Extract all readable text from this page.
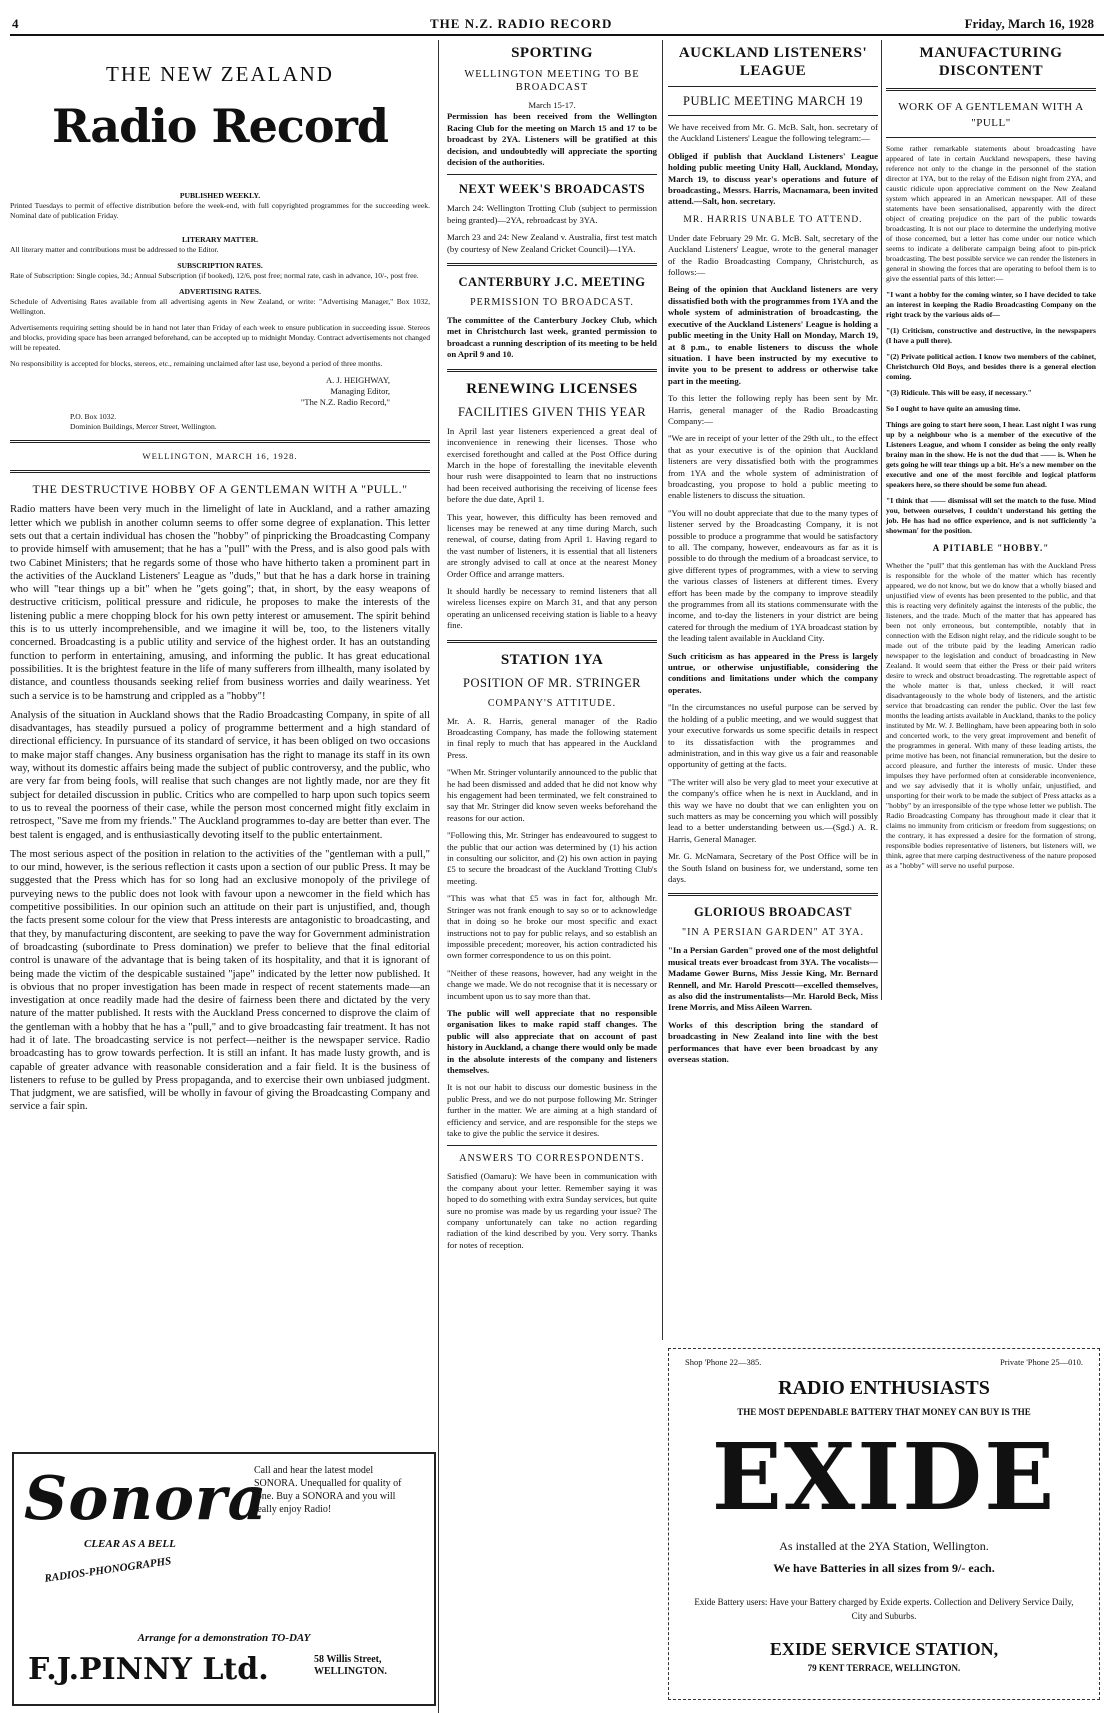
4	THE N.Z. RADIO RECORD	Friday, March 16, 1928
THE NEW ZEALAND
Radio Record
PUBLISHED WEEKLY.

Printed Tuesdays to permit of effective distribution before the week-end, with full copyrighted programmes for the succeeding week. Nominal date of publication Friday.

LITERARY MATTER.

All literary matter and contributions must be addressed to the Editor.

SUBSCRIPTION RATES.

Rate of Subscription: Single copies, 3d.; Annual Subscription (if booked), 12/6, post free; normal rate, cash in advance, 10/-, post free.

ADVERTISING RATES.

Schedule of Advertising Rates available from all advertising agents in New Zealand, or write: "Advertising Manager," Box 1032, Wellington.

Advertisements requiring setting should be in hand not later than Friday of each week to ensure publication in succeeding issue. Stereos and blocks, providing space has been arranged beforehand, can be accepted up to midnight Monday. Contract advertisements not changed will be repeated.

No responsibility is accepted for blocks, stereos, etc., remaining unclaimed after last use, beyond a period of three months.

A. J. HEIGHWAY,
Managing Editor,
"The N.Z. Radio Record,"
P.O. Box 1032.
Dominion Buildings, Mercer Street, Wellington.
WELLINGTON, MARCH 16, 1928.
THE DESTRUCTIVE HOBBY OF A GENTLEMAN WITH A "PULL."

Radio matters have been very much in the limelight of late in Auckland, and a rather amazing letter which we publish in another column seems to offer some degree of explanation. This letter sets out that a certain individual has chosen the "hobby" of pinpricking the Broadcasting Company to provide himself with amusement; that he has a "pull" with the Press, and is also good pals with two Cabinet Ministers; that he regards some of those who have hitherto taken a prominent part in the activities of the Auckland Listeners' League as "duds," but that he has a dark horse in training who will "tear things up a bit" when he "gets going"; that, in short, by the easy weapons of destructive criticism, political pressure and ridicule, he proposes to make the interests of the listening public a mere chopping block for his own petty interest or amusement. The spirit behind this is to us utterly incomprehensible, and we imagine it will be, too, to the listeners vitally concerned. Broadcasting is a public utility and service of the highest order. It has an outstanding function to perform in entertaining, amusing, and informing the public. It has great educational possibilities. It is the brightest feature in the life of many sufferers from illhealth, many isolated by distance, and countless thousands seeking relief from business worries and daily weariness. Yet such a service is to be hamstrung and crippled as a "hobby"!

Analysis of the situation in Auckland shows that the Radio Broadcasting Company, in spite of all disadvantages, has steadily pursued a policy of programme betterment and a high standard of directional efficiency. In pursuance of its standard of service, it has been obliged on two occasions to make major staff changes. Any business organisation has the right to manage its staff in its own way, without its domestic affairs being made the subject of public controversy, and the public, who are very far from being fools, will realise that such changes are not lightly made, nor are they fit subject for detailed discussion in public. Critics who are compelled to harp upon such topics seem to us to reveal the poorness of their case, while the person most concerned might fitly exclaim in retrospect, "Save me from my friends." The Auckland programmes to-day are better than ever. The best talent is engaged, and is enthusiastically devoting itself to the public entertainment.

The most serious aspect of the position in relation to the activities of the "gentleman with a pull," to our mind, however, is the serious reflection it casts upon a section of our public Press. It may be suggested that the Press which has for so long had an exclusive monopoly of the privilege of purveying news to the public does not look with favour upon a newcomer in the field which has competitive possibilities. In our opinion such an attitude on their part is unjustified, and, though the facts present some colour for the view that Press interests are antagonistic to broadcasting, and that they, by manufacturing discontent, are seeking to pave the way for Government administration of broadcasting (subordinate to Press domination) we prefer to believe that the final editorial control is unaware of the advantage that is being taken of its hospitality, and that it is ignorant of being made the victim of the despicable sustained "jape" indicated by the letter now published. It is obvious that no proper investigation has been made in respect of recent statements made—an investigation at once readily made had the desire of fairness been there and dictated by the very nature of the matter published. It rests with the Auckland Press concerned to disprove the claim of the gentleman with a hobby that he has a "pull," and to give broadcasting fair treatment. It has not had it of late. The broadcasting service is not perfect—neither is the newspaper service. Radio broadcasting has to grow towards perfection. It is still an infant. It has made lusty growth, and is capable of greater advance with reasonable consideration and a fair field. It is the business of listeners to refuse to be gulled by Press propaganda, and to exercise their own unbiased judgment. That judgment, we are satisfied, will be wholly in favour of giving the Broadcasting Company and service a fair spin.

SPORTING
WELLINGTON MEETING TO BE BROADCAST
March 15-17.

Permission has been received from the Wellington Racing Club for the meeting on March 15 and 17 to be broadcast by 2YA. Listeners will be gratified at this decision, and undoubtedly will appreciate the sporting decision of the authorities.

NEXT WEEK'S BROADCASTS

March 24: Wellington Trotting Club (subject to permission being granted)—2YA, rebroadcast by 3YA.

March 23 and 24: New Zealand v. Australia, first test match (by courtesy of New Zealand Cricket Council)—1YA.

CANTERBURY J.C. MEETING
PERMISSION TO BROADCAST.

The committee of the Canterbury Jockey Club, which met in Christchurch last week, granted permission to broadcast a running description of its meeting to be held on April 9 and 10.

RENEWING LICENSES
FACILITIES GIVEN THIS YEAR

In April last year listeners experienced a great deal of inconvenience in renewing their licenses. Those who exercised forethought and called at the Post Office during March in the hope of forestalling the inevitable eleventh hour rush were disappointed to learn that no instructions had been received authorising the receiving of license fees before the due date, April 1.

This year, however, this difficulty has been removed and licenses may be renewed at any time during March, such renewal, of course, dating from April 1. Having regard to the vast number of listeners, it is essential that all listeners are strongly advised to call at once at the nearest Money Order Office and arrange matters.

It should hardly be necessary to remind listeners that all wireless licenses expire on March 31, and that any person operating an unlicensed receiving station is liable to a heavy fine.

STATION 1YA
POSITION OF MR. STRINGER
COMPANY'S ATTITUDE.

Mr. A. R. Harris, general manager of the Radio Broadcasting Company, has made the following statement in final reply to much that has appeared in the Auckland Press.

"When Mr. Stringer voluntarily announced to the public that he had been dismissed and added that he did not know why his engagement had been terminated, we felt constrained to say that Mr. Stringer did know seven weeks beforehand the reasons for our action.

"Following this, Mr. Stringer has endeavoured to suggest to the public that our action was determined by (1) his action in consulting our solicitor, and (2) his own action in paying £5 to secure the broadcast of the Auckland Trotting Club's meeting.

"This was what that £5 was in fact for, although Mr. Stringer was not frank enough to say so or to acknowledge that in doing so he broke our most specific and exact instructions not to pay for public relays, and so establish an impossible precedent; moreover, his action contradicted his own former correspondence to us on this point.

"Neither of these reasons, however, had any weight in the change we made. We do not recognise that it is necessary or incumbent upon us to say more than that.

The public will well appreciate that no responsible organisation likes to make rapid staff changes. The public will also appreciate that on account of past history in Auckland, a change there would only be made in the absolute interests of the company and listeners themselves.

It is not our habit to discuss our domestic business in the public Press, and we do not purpose following Mr. Stringer further in the matter. We are aiming at a high standard of efficiency and service, and are responsible for the steps we take to give the public the service it desires.

ANSWERS TO CORRESPONDENTS.

Satisfied (Oamaru): We have been in communication with the company about your letter. Remember saying it was hoped to do something with extra Sunday services, but quite sure no promise was made by us regarding your issue? The company unfortunately can take no action regarding radiation of the kind described by you. Very sorry. Thanks for notes of reception.

AUCKLAND LISTENERS' LEAGUE
PUBLIC MEETING MARCH 19

We have received from Mr. G. McB. Salt, hon. secretary of the Auckland Listeners' League the following telegram:—

Obliged if publish that Auckland Listeners' League holding public meeting Unity Hall, Auckland, Monday, March 19, to discuss year's operations and future of broadcasting., Messrs. Harris, Macnamara, been invited attend.—Salt, hon. secretary.

MR. HARRIS UNABLE TO ATTEND.

Under date February 29 Mr. G. McB. Salt, secretary of the Auckland Listeners' League, wrote to the general manager of the Radio Broadcasting Company, Christchurch, as follows:—

Being of the opinion that Auckland listeners are very dissatisfied both with the programmes from 1YA and the whole system of administration of broadcasting, the executive of the Auckland Listeners' League is holding a public meeting in the Unity Hall on Monday, March 19, at 8 p.m., to enable listeners to discuss the whole situation. I have been instructed by my executive to invite you to be present to address or otherwise take part in the meeting.

To this letter the following reply has been sent by Mr. Harris, general manager of the Radio Broadcasting Company:—

"We are in receipt of your letter of the 29th ult., to the effect that as your executive is of the opinion that Auckland listeners are very dissatisfied both with the programmes from 1YA and the whole system of administration of broadcasting, you propose to hold a public meeting to enable listeners to discuss the situation.

"You will no doubt appreciate that due to the many types of listener served by the Broadcasting Company, it is not possible to produce a programme that would be satisfactory to all. The company, however, endeavours as far as it is possible to do through the medium of a broadcast service, to give different types of programmes, with a view to serving the various classes of listeners at different times. Every effort has been made by the company to improve steadily the programmes from all its stations commensurate with the income, and to-day the listeners in your district are being catered for through the medium of 1YA broadcast station by the leading talent available in Auckland City.

Such criticism as has appeared in the Press is largely untrue, or otherwise unjustifiable, considering the conditions and limitations under which the company operates.

"In the circumstances no useful purpose can be served by the holding of a public meeting, and we would suggest that your executive forwards us some specific details in respect to its dissatisfaction with the programmes and administration, and in this way give us a fair and reasonable opportunity of getting at the facts.

"The writer will also be very glad to meet your executive at the company's office when he is next in Auckland, and in this way we have no doubt that we can enlighten you on such matters as may be concerning you which will possibly lead to a better understanding between us.—(Sgd.) A. R. Harris, General Manager.

Mr. G. McNamara, Secretary of the Post Office will be in the South Island on business for, we understand, some ten days.

GLORIOUS BROADCAST
"IN A PERSIAN GARDEN" AT 3YA.

"In a Persian Garden" proved one of the most delightful musical treats ever broadcast from 3YA. The vocalists—Madame Gower Burns, Miss Jessie King, Mr. Bernard Rennell, and Mr. Harold Prescott—excelled themselves, as also did the instrumentalists—Mr. Harold Beck, Miss Irene Morris, and Miss Aileen Warren.

Works of this description bring the standard of broadcasting in New Zealand into line with the best performances that have ever been broadcast by any overseas station.

MANUFACTURING DISCONTENT
WORK OF A GENTLEMAN WITH A "PULL"

Some rather remarkable statements about broadcasting have appeared of late in certain Auckland newspapers, these having reference not only to the change in the personnel of the station director at 1YA, but to the relay of the Edison night from 2YA, and caustic ridicule upon appreciative comment on the New Zealand system which appeared in an American newspaper. All of these statements have been sensationalised, apparently with the direct object of creating prejudice on the part of the public towards broadcasting. It is not our place to determine the underlying motive of those concerned, but a letter has come under our notice which seems to indicate a deliberate campaign being afoot to pin-prick broadcasting. The best possible service we can render the listeners in general in showing the forces that are operating to befool them is to give the essential parts of this letter:—

"I want a hobby for the coming winter, so I have decided to take an interest in keeping the Radio Broadcasting Company on the right track by the various aids of—

"(1) Criticism, constructive and destructive, in the newspapers (I have a pull there).

"(2) Private political action. I know two members of the cabinet, Christchurch Old Boys, and besides there is a general election coming.

"(3) Ridicule. This will be easy, if necessary."

So I ought to have quite an amusing time.

Things are going to start here soon, I hear. Last night I was rung up by a neighbour who is a member of the executive of the Listeners League, and whom I consider as being the only really brainy man in the show. He is not the dud that —— is. When he gets going he will tear things up a bit. He's a new member on the executive and one of the most forcible and logical platform speakers here, so there should be some fun ahead.

"I think that —— dismissal will set the match to the fuse. Mind you, between ourselves, I couldn't understand his getting the job. He has had no office experience, and is not sufficiently 'a showman' for the position.

A PITIABLE "HOBBY."

Whether the "pull" that this gentleman has with the Auckland Press is responsible for the whole of the matter which has recently appeared, we do not know, but we do know that a wholly biased and unjustified view of events has been presented to the public, and that this is reacting very definitely against the interests of the public, the listeners, and the trade. Much of the matter that has appeared has been not only erroneous, but contemptible, notably that in connection with the Edison night relay, and the ridicule sought to be made out of the tribute paid by the leading American radio newspaper to the legislation and conduct of broadcasting in New Zealand. It would seem that either the Press or their paid writers desire to wreck and obstruct broadcasting. The regrettable aspect of the whole matter is that, unless checked, it will react disadvantageously to the whole body of listeners, and the artistic service that broadcasting can render the public. Over the last few months the leading artists available in Auckland, thanks to the policy instituted by Mr. W. J. Bellingham, have been appearing both in solo and concerted work, to the very great improvement and benefit of the programmes in general. With many of these leading artists, the prime motive has been, not financial remuneration, but the desire to accord pleasure, and further the interests of music. Under these impulses they have performed often at considerable inconvenience, and we say advisedly that it is wholly unfair, unjustified, and unsporting for their work to be made the subject of Press attacks as a "hobby" by an irresponsible of the type whose letter we publish. The Radio Broadcasting Company has throughout made it clear that it claims no immunity from criticism or freedom from suggestions; on the contrary, it has expressed a desire for the formation of strong, responsible bodies representative of listeners, but listeners will, we think, agree that mere carping destructiveness of the nature proposed as a "hobby" will serve no useful purpose.

Sonora
CLEAR AS A BELL
RADIOS-PHONOGRAPHS
Call and hear the latest model SONORA. Unequalled for quality of tone. Buy a SONORA and you will really enjoy Radio!
Arrange for a demonstration TO-DAY
F.J.PINNY Ltd.	58 Willis Street,
WELLINGTON.
Shop 'Phone 22—385.	Private 'Phone 25—010.
RADIO ENTHUSIASTS
THE MOST DEPENDABLE BATTERY THAT MONEY CAN BUY IS THE
EXIDE
As installed at the 2YA Station, Wellington.
We have Batteries in all sizes from 9/- each.
Exide Battery users: Have your Battery charged by Exide experts. Collection and Delivery Service Daily, City and Suburbs.
EXIDE SERVICE STATION,
79 KENT TERRACE, WELLINGTON.
